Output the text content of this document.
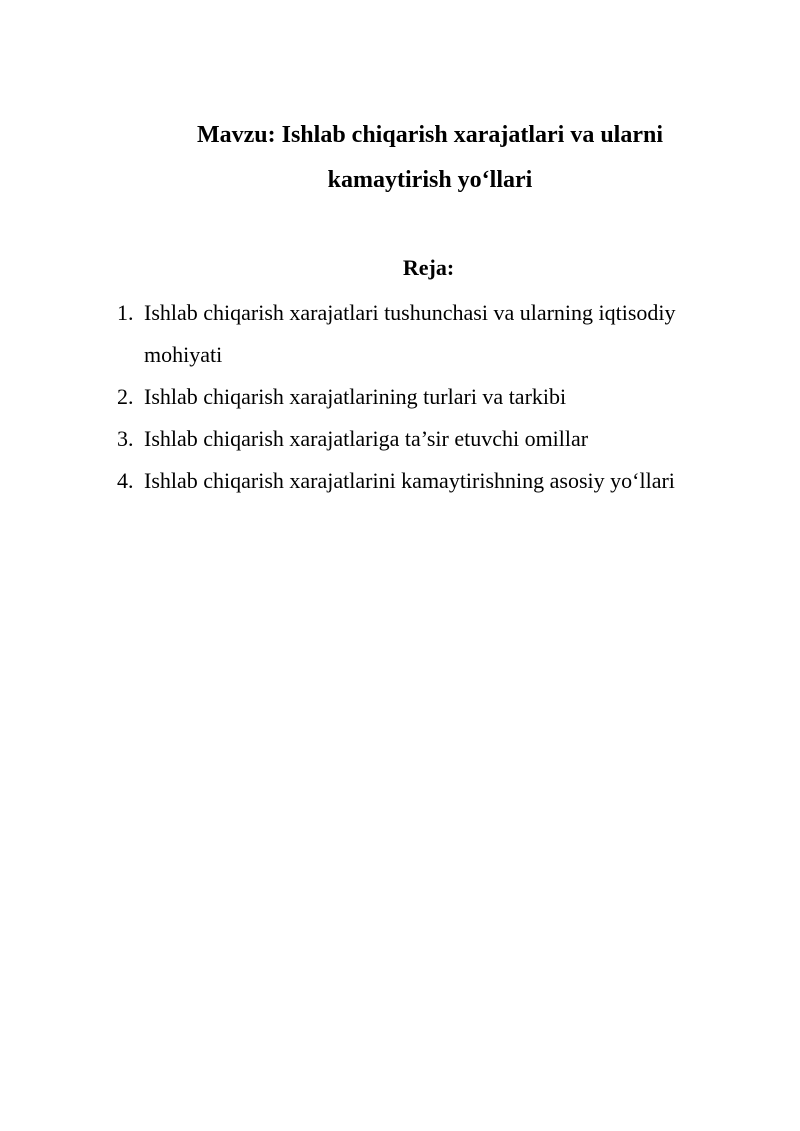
Mavzu: Ishlab chiqarish xarajatlari va ularni
kamaytirish yo‘llari
Reja:
1. Ishlab chiqarish xarajatlari tushunchasi va ularning iqtisodiy mohiyati
2. Ishlab chiqarish xarajatlarining turlari va tarkibi
3. Ishlab chiqarish xarajatlariga ta’sir etuvchi omillar
4. Ishlab chiqarish xarajatlarini kamaytirishning asosiy yo‘llari
